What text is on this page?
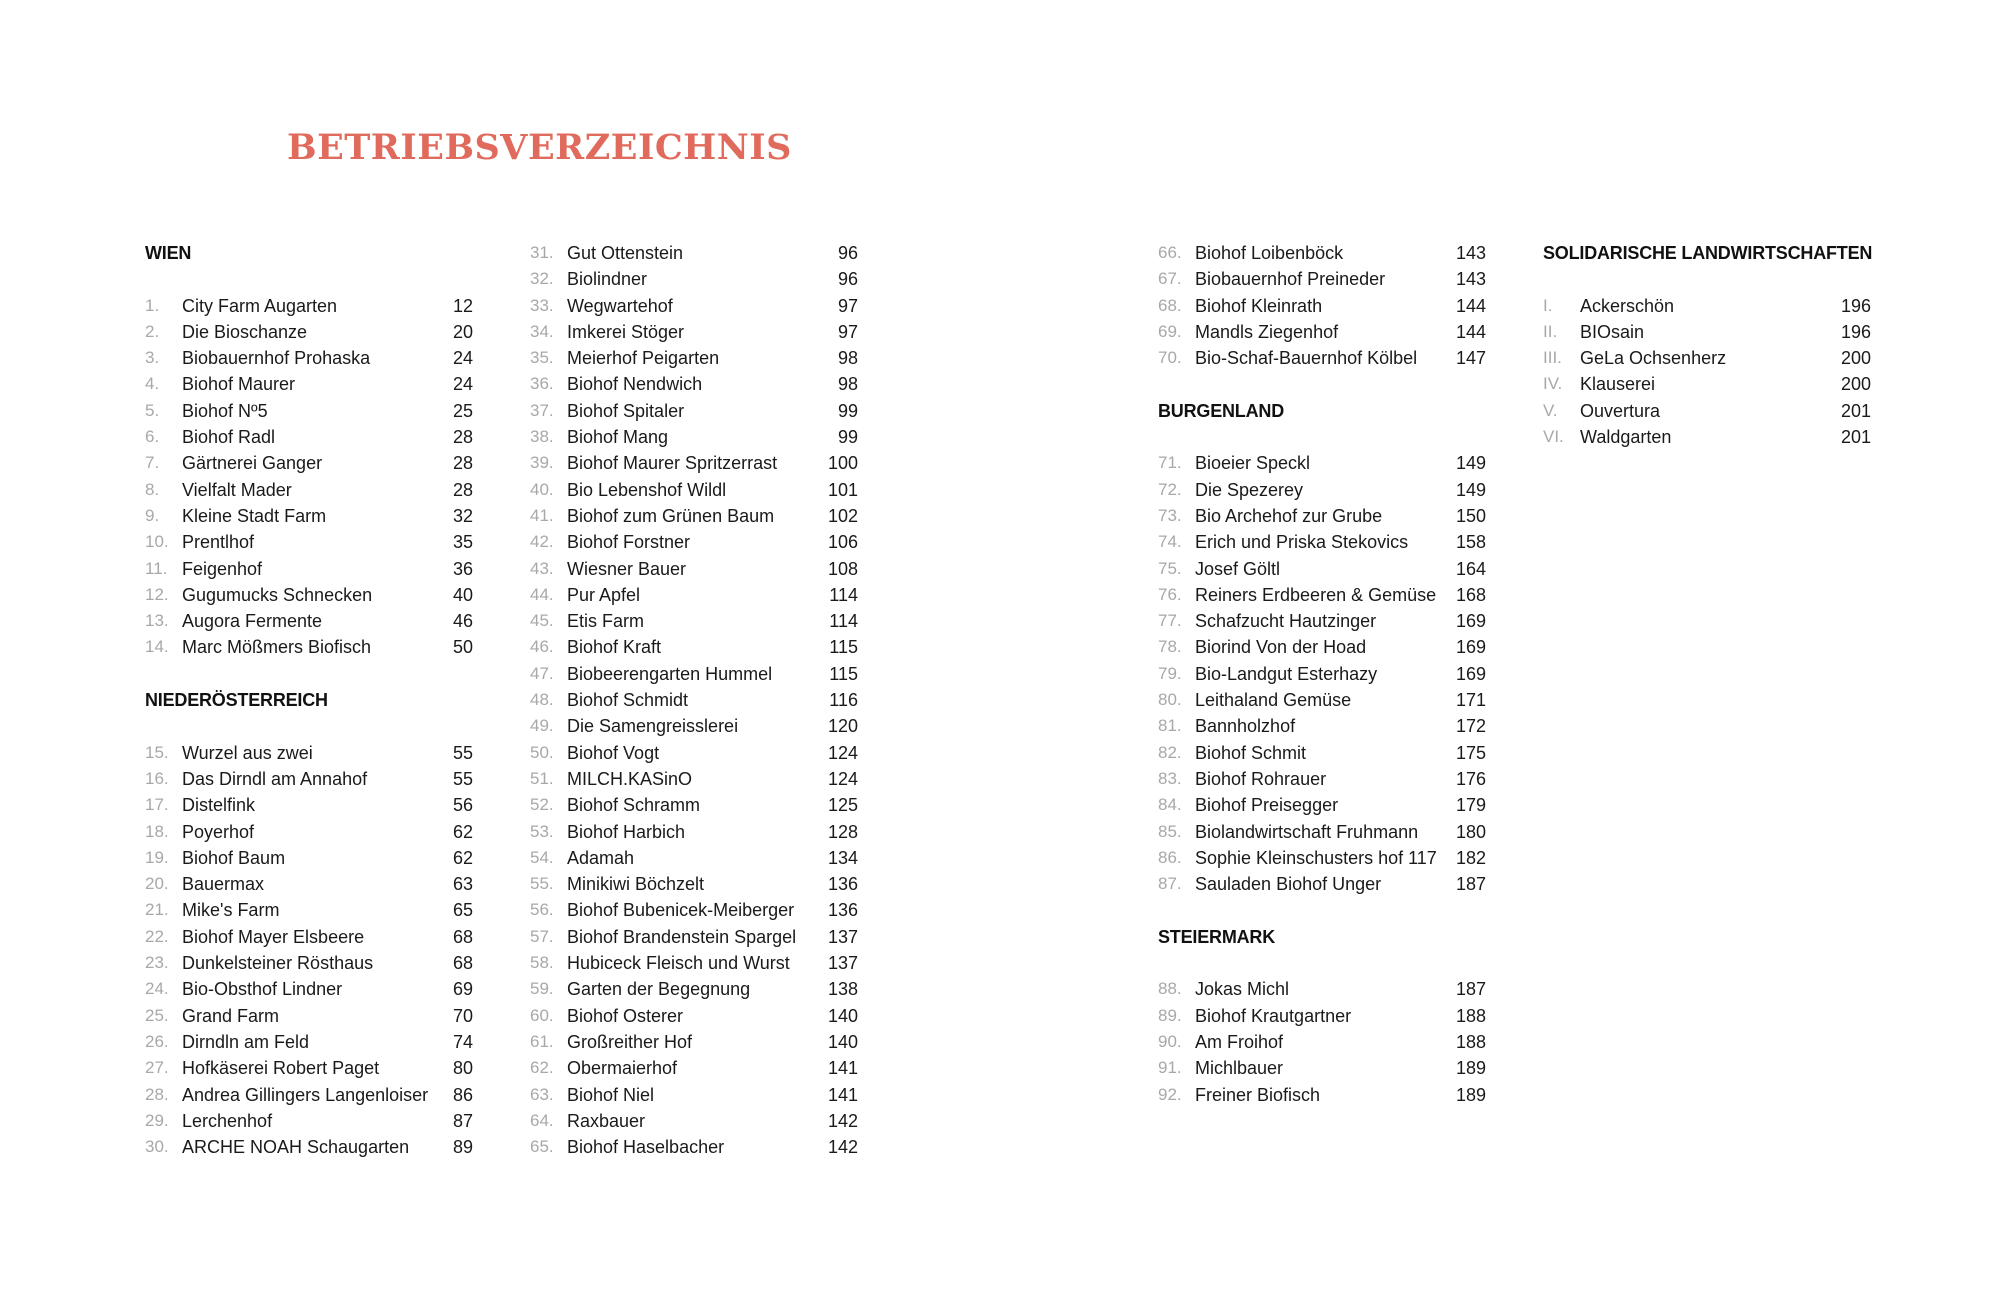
BETRIEBSVERZEICHNIS
WIEN
1. City Farm Augarten	12
2. Die Bioschanze	20
3. Biobauernhof Prohaska	24
4. Biohof Maurer	24
5. Biohof Nº5	25
6. Biohof Radl	28
7. Gärtnerei Ganger	28
8. Vielfalt Mader	28
9. Kleine Stadt Farm	32
10. Prentlhof	35
11. Feigenhof	36
12. Gugumucks Schnecken	40
13. Augora Fermente	46
14. Marc Mößmers Biofisch	50
NIEDERÖSTERREICH
15. Wurzel aus zwei	55
16. Das Dirndl am Annahof	55
17. Distelfink	56
18. Poyerhof	62
19. Biohof Baum	62
20. Bauermax	63
21. Mike's Farm	65
22. Biohof Mayer Elsbeere	68
23. Dunkelsteiner Rösthaus	68
24. Bio-Obsthof Lindner	69
25. Grand Farm	70
26. Dirndln am Feld	74
27. Hofkäserei Robert Paget	80
28. Andrea Gillingers Langenloiser 86
29. Lerchenhof	87
30. ARCHE NOAH Schaugarten 89
31. Gut Ottenstein	96
32. Biolindner	96
33. Wegwartehof	97
34. Imkerei Stöger	97
35. Meierhof Peigarten	98
36. Biohof Nendwich	98
37. Biohof Spitaler	99
38. Biohof Mang	99
39. Biohof Maurer Spritzerrast	100
40. Bio Lebenshof Wildl	101
41. Biohof zum Grünen Baum	102
42. Biohof Forstner	106
43. Wiesner Bauer	108
44. Pur Apfel	114
45. Etis Farm	114
46. Biohof Kraft	115
47. Biobeerengarten Hummel	115
48. Biohof Schmidt	116
49. Die Samengreisslerei	120
50. Biohof Vogt	124
51. MILCH.KASinO	124
52. Biohof Schramm	125
53. Biohof Harbich	128
54. Adamah	134
55. Minikiwi Böchzelt	136
56. Biohof Bubenicek-Meiberger 136
57. Biohof Brandenstein Spargel 137
58. Hubiceck Fleisch und Wurst 137
59. Garten der Begegnung	138
60. Biohof Osterer	140
61. Großreither Hof	140
62. Obermaierhof	141
63. Biohof Niel	141
64. Raxbauer	142
65. Biohof Haselbacher	142
66. Biohof Loibenböck	143
67. Biobauernhof Preineder	143
68. Biohof Kleinrath	144
69. Mandls Ziegenhof	144
70. Bio-Schaf-Bauernhof Kölbel 147
BURGENLAND
71. Bioeier Speckl	149
72. Die Spezerey	149
73. Bio Archehof zur Grube	150
74. Erich und Priska Stekovics	158
75. Josef Göltl	164
76. Reiners Erdbeeren & Gemüse 168
77. Schafzucht Hautzinger	169
78. Biorind Von der Hoad	169
79. Bio-Landgut Esterhazy	169
80. Leithaland Gemüse	171
81. Bannholzhof	172
82. Biohof Schmit	175
83. Biohof Rohrauer	176
84. Biohof Preisegger	179
85. Biolandwirtschaft Fruhmann 180
86. Sophie Kleinschusters hof 117 182
87. Sauladen Biohof Unger	187
STEIERMARK
88. Jokas Michl	187
89. Biohof Krautgartner	188
90. Am Froihof	188
91. Michlbauer	189
92. Freiner Biofisch	189
SOLIDARISCHE LANDWIRTSCHAFTEN
I. Ackerschön	196
II. BIOsain	196
III. GeLa Ochsenherz	200
IV. Klauserei	200
V. Ouvertura	201
VI. Waldgarten	201
